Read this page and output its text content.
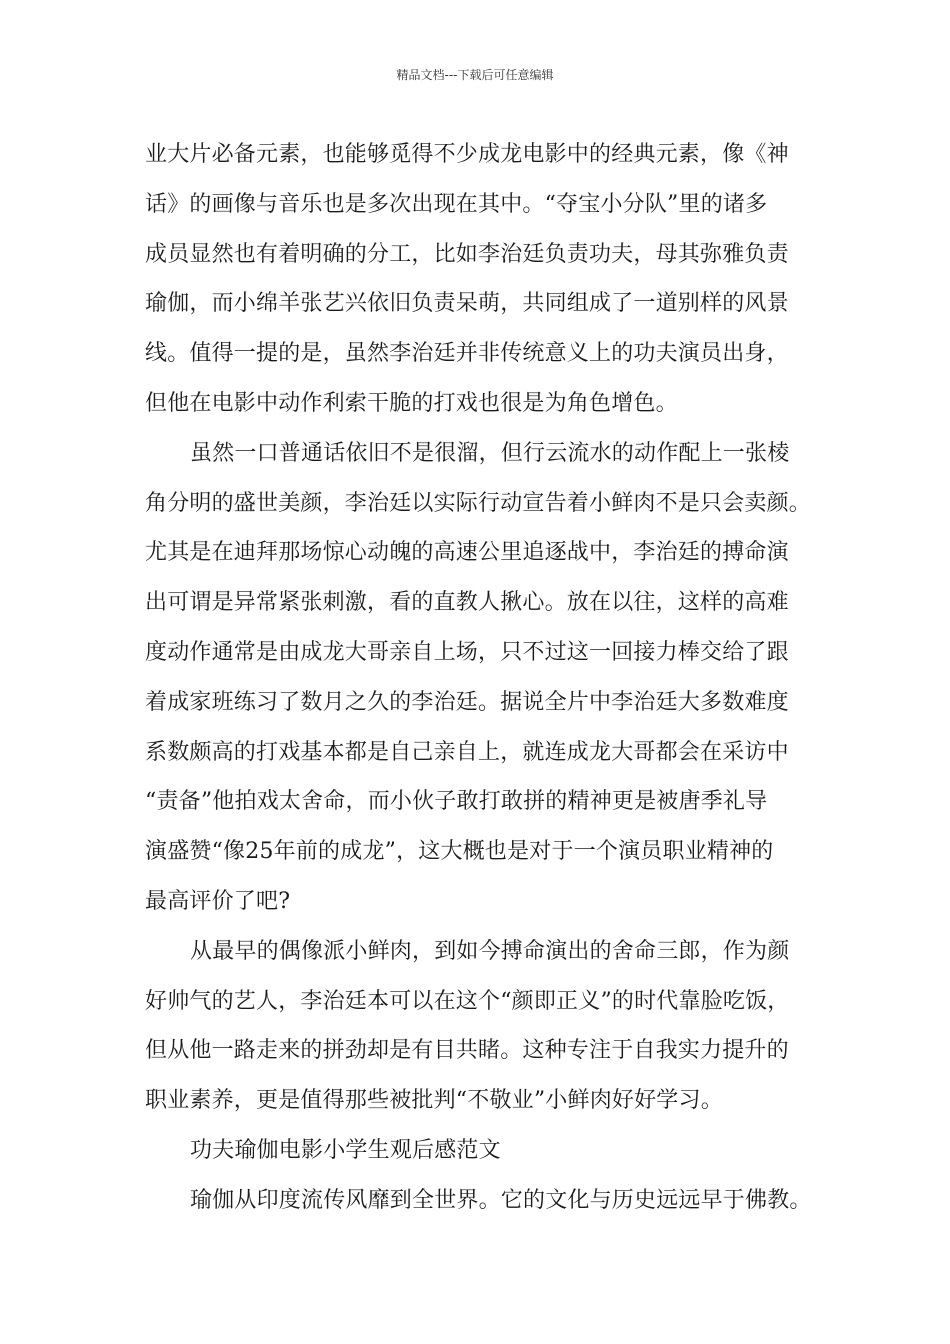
精品文档---下载后可任意编辑
业大片必备元素，也能够觅得不少成龙电影中的经典元素，像《神
话》的画像与音乐也是多次出现在其中。“夺宝小分队”里的诸多
成员显然也有着明确的分工，比如李治廷负责功夫，母其弥雅负责
瑜伽，而小绵羊张艺兴依旧负责呆萌，共同组成了一道别样的风景
线。值得一提的是，虽然李治廷并非传统意义上的功夫演员出身，
但他在电影中动作利索干脆的打戏也很是为角色增色。
虽然一口普通话依旧不是很溜，但行云流水的动作配上一张棱
角分明的盛世美颜，李治廷以实际行动宣告着小鲜肉不是只会卖颜。
尤其是在迪拜那场惊心动魄的高速公里追逐战中，李治廷的搏命演
出可谓是异常紧张刺激，看的直教人揪心。放在以往，这样的高难
度动作通常是由成龙大哥亲自上场，只不过这一回接力棒交给了跟
着成家班练习了数月之久的李治廷。据说全片中李治廷大多数难度
系数颇高的打戏基本都是自己亲自上，就连成龙大哥都会在采访中
“责备”他拍戏太舍命，而小伙子敢打敢拼的精神更是被唐季礼导
演盛赞“像25年前的成龙”，这大概也是对于一个演员职业精神的
最高评价了吧?
从最早的偶像派小鲜肉，到如今搏命演出的舍命三郎，作为颜
好帅气的艺人，李治廷本可以在这个“颜即正义”的时代靠脸吃饭，
但从他一路走来的拼劲却是有目共睹。这种专注于自我实力提升的
职业素养，更是值得那些被批判“不敬业”小鲜肉好好学习。
功夫瑜伽电影小学生观后感范文
瑜伽从印度流传风靡到全世界。它的文化与历史远远早于佛教。
